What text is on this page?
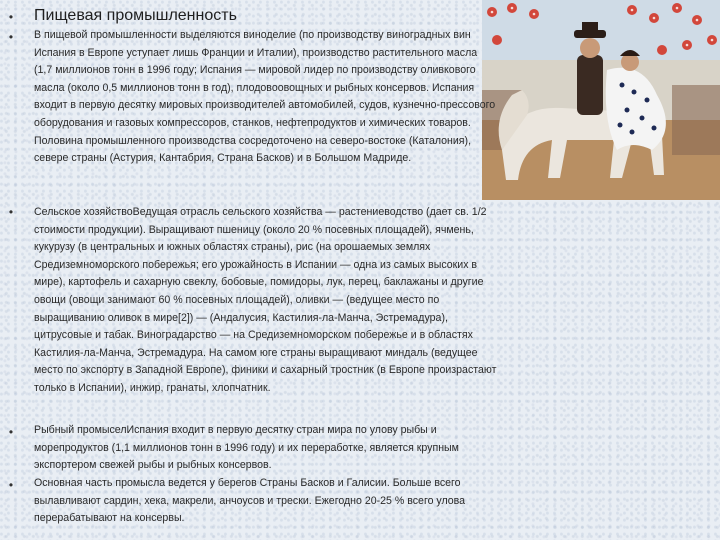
• Пищевая промышленность
•	В пищевой промышленности выделяются виноделие (по производству виноградных вин Испания в Европе уступает лишь Франции и Италии), производство растительного масла (1,7 миллионов тонн в 1996 году; Испания — мировой лидер по производству оливкового масла (около 0,5 миллионов тонн в год), плодовоовощных и рыбных консервов. Испания входит в первую десятку мировых производителей автомобилей, судов, кузнечно-прессового оборудования и газовых компрессоров, станков, нефтепродуктов и химических товаров. Половина промышленного производства сосредоточено на северо-востоке (Каталония), севере страны (Астурия, Кантабрия, Страна Басков) и в Большом Мадриде.

•	Сельское хозяйствоВедущая отрасль сельского хозяйства — растениеводство (дает св. 1/2 стоимости продукции). Выращивают пшеницу (около 20 % посевных площадей), ячмень, кукурузу (в центральных и южных областях страны), рис (на орошаемых землях Средиземноморского побережья; его урожайность в Испании — одна из самых высоких в мире), картофель и сахарную свеклу, бобовые, помидоры, лук, перец, баклажаны и другие овощи (овощи занимают 60 % посевных площадей), оливки — (ведущее место по выращиванию оливок в мире[2]) — (Андалусия, Кастилия-ла-Манча, Эстремадура), цитрусовые и табак. Виноградарство — на Средиземноморском побережье и в областях Кастилия-ла-Манча, Эстремадура. На самом юге страны выращивают миндаль (ведущее место по экспорту в Западной Европе), финики и сахарный тростник (в Европе произрастают только в Испании), инжир, гранаты, хлопчатник.

•	Рыбный промыселИспания входит в первую десятку стран мира по улову рыбы и морепродуктов (1,1 миллионов тонн в 1996 году) и их переработке, является крупным экспортером свежей рыбы и рыбных консервов.

•	Основная часть промысла ведется у берегов Страны Басков и Галисии. Больше всего вылавливают сардин, хека, макрели, анчоусов и трески. Ежегодно 20-25 % всего улова перерабатывают на консервы.
